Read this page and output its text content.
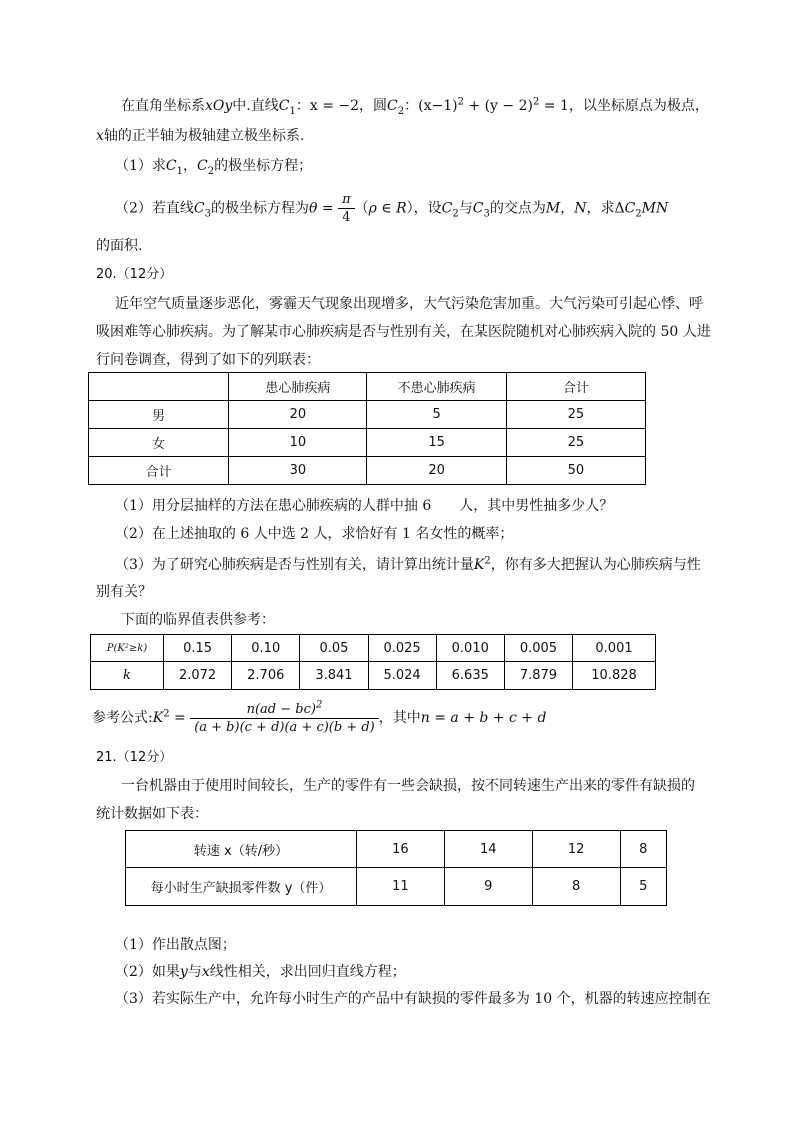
在直角坐标系xOy中.直线$C_1$：x = −2，圆$C_2$：$(x-1)^2 + (y - 2)^2 = 1$，以坐标原点为极点，
x轴的正半轴为极轴建立极坐标系.
（1）求$C_1$，$C_2$的极坐标方程；
（2）若直线$C_3$的极坐标方程为$\theta = \frac{\pi}{4} (\rho$ ∈ R），设$C_2$与$C_3$的交点为M，N，求$\Delta C_2MN$
的面积.
20.（12分）
近年空气质量逐步恶化，雾霾天气现象出现增多，大气污染危害加重。大气污染可引起心悸、呼
吸困难等心肺疾病。为了解某市心肺疾病是否与性别有关，在某医院随机对心肺疾病入院的 50 人进
行问卷调查，得到了如下的列联表：
	患心肺疾病	不患心肺疾病	合计
男	20	5	25
女	10	15	25
合计	30	20	50
（1）用分层抽样的方法在患心肺疾病的人群中抽 6　　人，其中男性抽多少人？
（2）在上述抽取的 6 人中选 2 人，求恰好有 1 名女性的概率；
（3）为了研究心肺疾病是否与性别有关，请计算出统计量$K^2$，你有多大把握认为心肺疾病与性
别有关？
下面的临界值表供参考：
P(K²≥k)	0.15	0.10	0.05	0.025	0.010	0.005	0.001
k	2.072	2.706	3.841	5.024	6.635	7.879	10.828
参考公式$:K^2 = \frac{n(ad - bc)^2}{(a + b)(c + d)(a + c)(b + d)}$ ，其中n = a + b + c + d
21.（12分）
一台机器由于使用时间较长，生产的零件有一些会缺损，按不同转速生产出来的零件有缺损的
统计数据如下表：
转速 x（转/秒）	16	14	12	8
每小时生产缺损零件数 y（件）	11	9	8	5
（1）作出散点图；
（2）如果y与x线性相关，求出回归直线方程；
（3）若实际生产中，允许每小时生产的产品中有缺损的零件最多为 10 个，机器的转速应控制在
